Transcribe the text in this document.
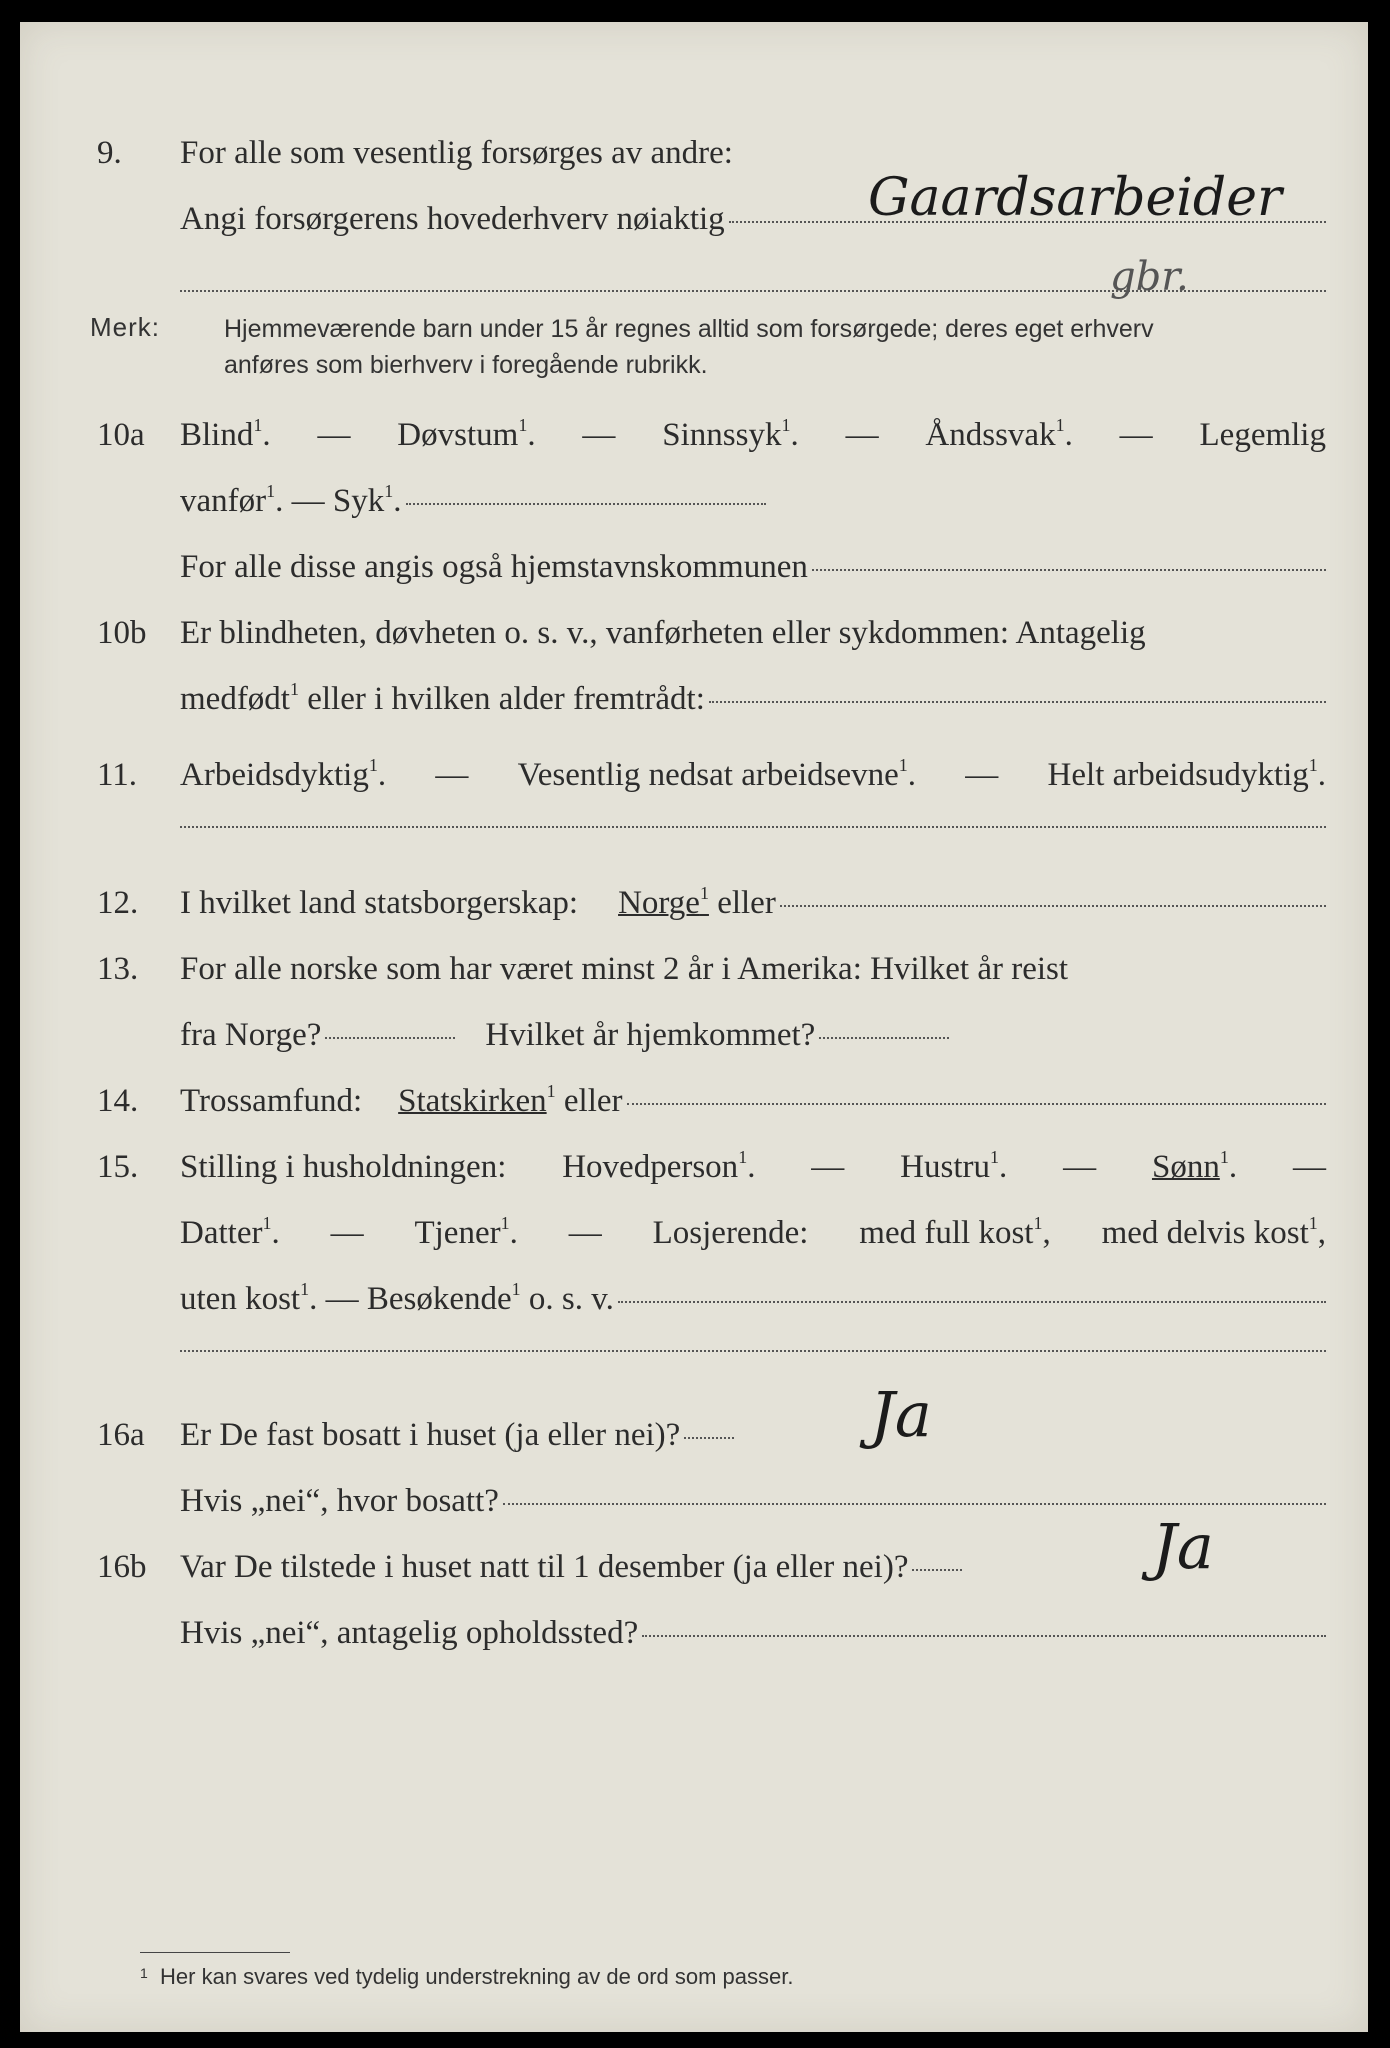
9. For alle som vesentlig forsørges av andre:
Angi forsørgerens hovederhverv nøiaktig	Gaardsarbeider
gbr.
Merk:	Hjemmeværende barn under 15 år regnes alltid som forsørgede; deres eget erhverv
anføres som bierhverv i foregående rubrikk.
10a Blind$^1$. — Døvstum$^1$. — Sinnssyk$^1$. — Åndssvak$^1$. — Legemlig
vanfør$^1$. — Syk$^1$.
For alle disse angis også hjemstavnskommunen
10b Er blindheten, døvheten o. s. v., vanførheten eller sykdommen: Antagelig
medfødt$^1$ eller i hvilken alder fremtrådt:
11. Arbeidsdyktig$^1$. — Vesentlig nedsat arbeidsevne$^1$. — Helt arbeidsudyktig$^1$.
12. I hvilket land statsborgerskap: Norge$^1$ eller
13. For alle norske som har været minst 2 år i Amerika: Hvilket år reist
fra Norge?	Hvilket år hjemkommet?
14. Trossamfund: Statskirken$^1$ eller
15. Stilling i husholdningen: Hovedperson$^1$. — Hustru$^1$. — Sønn$^1$. —
Datter$^1$. — Tjener$^1$. — Losjerende: med full kost$^1$, med delvis kost$^1$,
uten kost$^1$. — Besøkende$^1$ o. s. v.
16a Er De fast bosatt i huset (ja eller nei)?	Ja
Hvis „nei“, hvor bosatt?
16b Var De tilstede i huset natt til 1 desember (ja eller nei)?	Ja
Hvis „nei“, antagelig opholdssted?
$^1$ Her kan svares ved tydelig understrekning av de ord som passer.
